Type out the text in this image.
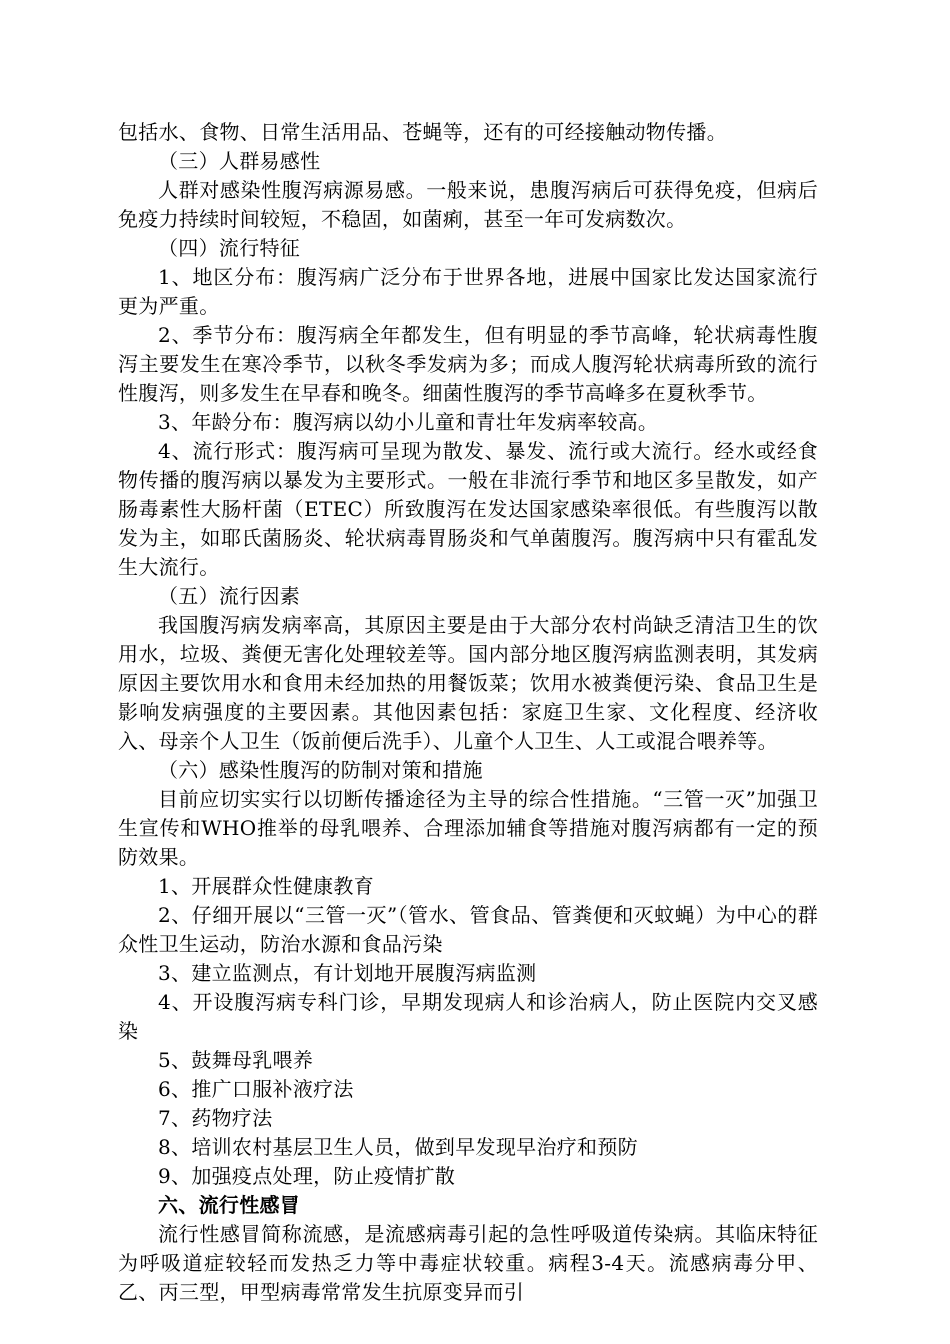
包括水、食物、日常生活用品、苍蝇等，还有的可经接触动物传播。

（三）人群易感性

人群对感染性腹泻病源易感。一般来说，患腹泻病后可获得免疫，但病后免疫力持续时间较短，不稳固，如菌痢，甚至一年可发病数次。

（四）流行特征

1、地区分布：腹泻病广泛分布于世界各地，进展中国家比发达国家流行更为严重。

2、季节分布：腹泻病全年都发生，但有明显的季节高峰，轮状病毒性腹泻主要发生在寒冷季节，以秋冬季发病为多；而成人腹泻轮状病毒所致的流行性腹泻，则多发生在早春和晚冬。细菌性腹泻的季节高峰多在夏秋季节。

3、年龄分布：腹泻病以幼小儿童和青壮年发病率较高。

4、流行形式：腹泻病可呈现为散发、暴发、流行或大流行。经水或经食物传播的腹泻病以暴发为主要形式。一般在非流行季节和地区多呈散发，如产肠毒素性大肠杆菌（ETEC）所致腹泻在发达国家感染率很低。有些腹泻以散发为主，如耶氏菌肠炎、轮状病毒胃肠炎和气单菌腹泻。腹泻病中只有霍乱发生大流行。

（五）流行因素

我国腹泻病发病率高，其原因主要是由于大部分农村尚缺乏清洁卫生的饮用水，垃圾、粪便无害化处理较差等。国内部分地区腹泻病监测表明，其发病原因主要饮用水和食用未经加热的用餐饭菜；饮用水被粪便污染、食品卫生是影响发病强度的主要因素。其他因素包括：家庭卫生家、文化程度、经济收入、母亲个人卫生（饭前便后洗手）、儿童个人卫生、人工或混合喂养等。

（六）感染性腹泻的防制对策和措施

目前应切实实行以切断传播途径为主导的综合性措施。“三管一灭”加强卫生宣传和WHO推举的母乳喂养、合理添加辅食等措施对腹泻病都有一定的预防效果。

1、开展群众性健康教育

2、仔细开展以“三管一灭”（管水、管食品、管粪便和灭蚊蝇）为中心的群众性卫生运动，防治水源和食品污染

3、建立监测点，有计划地开展腹泻病监测

4、开设腹泻病专科门诊，早期发现病人和诊治病人，防止医院内交叉感染

5、鼓舞母乳喂养

6、推广口服补液疗法

7、药物疗法

8、培训农村基层卫生人员，做到早发现早治疗和预防

9、加强疫点处理，防止疫情扩散

六、流行性感冒

流行性感冒简称流感，是流感病毒引起的急性呼吸道传染病。其临床特征为呼吸道症较轻而发热乏力等中毒症状较重。病程3-4天。流感病毒分甲、乙、丙三型，甲型病毒常常发生抗原变异而引
